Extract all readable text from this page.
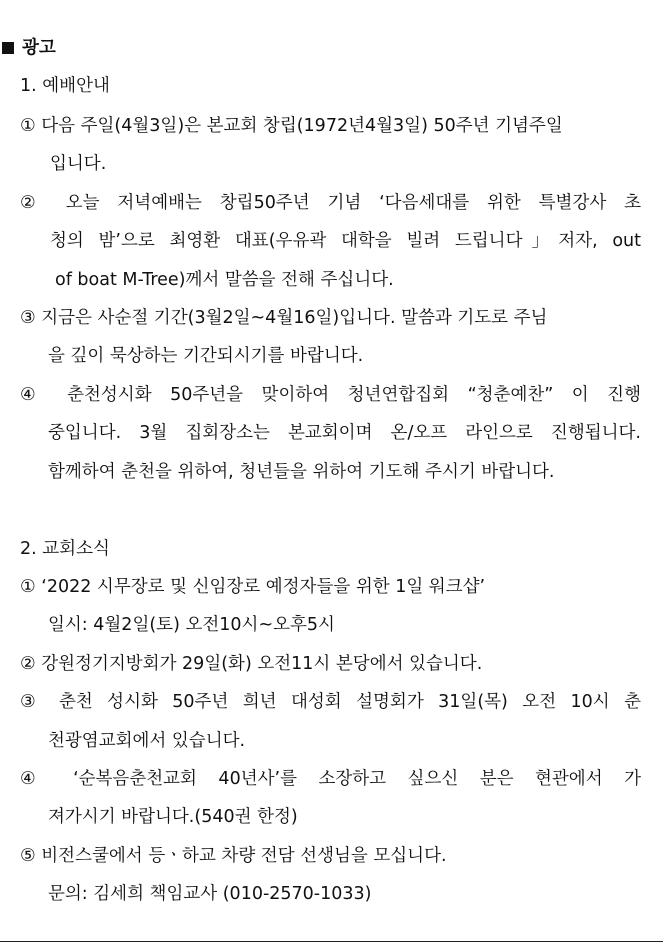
광고
1. 예배안내
① 다음 주일(4월3일)은 본교회 창립(1972년4월3일) 50주년 기념주일
입니다.
② 오늘 저녁예배는 창립50주년 기념 ‘다음세대를 위한 특별강사 초
청의 밤’으로 최영환 대표(우유곽 대학을 빌려 드립니다」저자, out
of boat M-Tree)께서 말씀을 전해 주십니다.
③ 지금은 사순절 기간(3월2일~4월16일)입니다. 말씀과 기도로 주님
을 깊이 묵상하는 기간되시기를 바랍니다.
④ 춘천성시화 50주년을 맞이하여 청년연합집회 “청춘예찬” 이 진행
중입니다. 3월 집회장소는 본교회이며 온/오프 라인으로 진행됩니다.
함께하여 춘천을 위하여, 청년들을 위하여 기도해 주시기 바랍니다.
2. 교회소식
① ‘2022 시무장로 및 신임장로 예정자들을 위한 1일 워크샵’
일시: 4월2일(토) 오전10시~오후5시
② 강원정기지방회가 29일(화) 오전11시 본당에서 있습니다.
③ 춘천 성시화 50주년 희년 대성회 설명회가 31일(목) 오전 10시 춘
천광염교회에서 있습니다.
④ ‘순복음춘천교회 40년사’를 소장하고 싶으신 분은 현관에서 가
져가시기 바랍니다.(540권 한정)
⑤ 비전스쿨에서 등ㆍ하교 차량 전담 선생님을 모십니다.
문의: 김세희 책임교사 (010-2570-1033)
